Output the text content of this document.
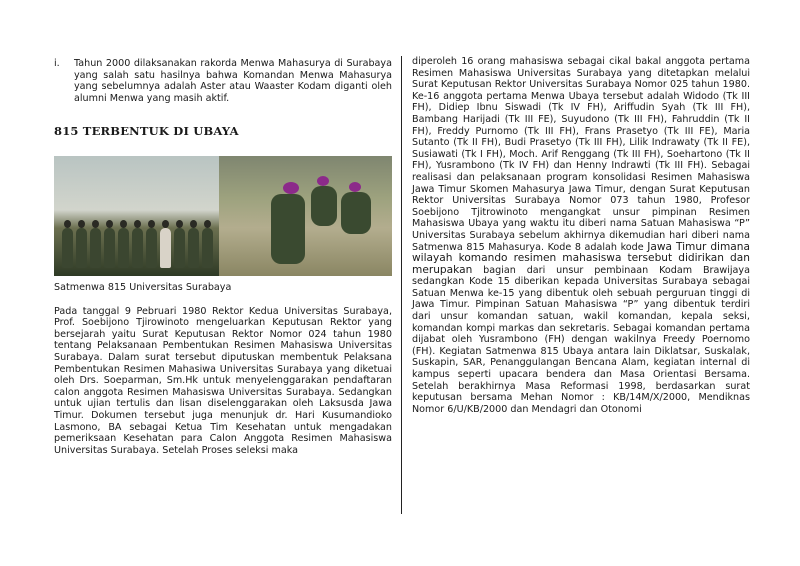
i.	Tahun 2000 dilaksanakan rakorda Menwa Mahasurya di Surabaya yang salah satu hasilnya bahwa Komandan Menwa Mahasurya yang sebelumnya adalah Aster atau Waaster Kodam diganti oleh alumni Menwa yang masih aktif.
815 TERBENTUK DI UBAYA
Satmenwa 815 Universitas Surabaya

Pada tanggal 9 Pebruari 1980 Rektor Kedua Universitas Surabaya, Prof. Soebijono Tjirowinoto mengeluarkan Keputusan Rektor yang bersejarah yaitu Surat Keputusan Rektor Nomor 024 tahun 1980 tentang Pelaksanaan Pembentukan Resimen Mahasiswa Universitas Surabaya. Dalam surat tersebut diputuskan membentuk Pelaksana Pembentukan Resimen Mahasiwa Universitas Surabaya yang diketuai oleh Drs. Soeparman, Sm.Hk untuk menyelenggarakan pendaftaran calon anggota Resimen Mahasiswa Universitas Surabaya. Sedangkan untuk ujian tertulis dan lisan diselenggarakan oleh Laksusda Jawa Timur. Dokumen tersebut juga menunjuk dr. Hari Kusumandioko Lasmono, BA sebagai Ketua Tim Kesehatan untuk mengadakan pemeriksaan Kesehatan para Calon Anggota Resimen Mahasiswa Universitas Surabaya. Setelah Proses seleksi maka

diperoleh 16 orang mahasiswa sebagai cikal bakal anggota pertama Resimen Mahasiswa Universitas Surabaya yang ditetapkan melalui Surat Keputusan Rektor Universitas Surabaya Nomor 025 tahun 1980. Ke-16 anggota pertama Menwa Ubaya tersebut adalah Widodo (Tk III FH), Didiep Ibnu Siswadi (Tk IV FH), Ariffudin Syah (Tk III FH), Bambang Harijadi (Tk III FE), Suyudono (Tk III FH), Fahruddin (Tk II FH), Freddy Purnomo (Tk III FH), Frans Prasetyo (Tk III FE), Maria Sutanto (Tk II FH), Budi Prasetyo (Tk III FH), Lilik Indrawaty (Tk II FE), Susiawati (Tk I FH), Moch. Arif Renggang (Tk III FH), Soehartono (Tk II FH), Yusrambono (Tk IV FH) dan Henny Indrawti (Tk III FH). Sebagai realisasi dan pelaksanaan program konsolidasi Resimen Mahasiswa Jawa Timur Skomen Mahasurya Jawa Timur, dengan Surat Keputusan Rektor Universitas Surabaya Nomor 073 tahun 1980, Profesor Soebijono Tjitrowinoto mengangkat unsur pimpinan Resimen Mahasiswa Ubaya yang waktu itu diberi nama Satuan Mahasiswa “P” Universitas Surabaya sebelum akhirnya dikemudian hari diberi nama Satmenwa 815 Mahasurya. Kode 8 adalah kode Jawa Timur dimana wilayah komando resimen mahasiswa tersebut didirikan dan merupakan bagian dari unsur pembinaan Kodam Brawijaya sedangkan Kode 15 diberikan kepada Universitas Surabaya sebagai Satuan Menwa ke-15 yang dibentuk oleh sebuah perguruan tinggi di Jawa Timur. Pimpinan Satuan Mahasiswa “P” yang dibentuk terdiri dari unsur komandan satuan, wakil komandan, kepala seksi, komandan kompi markas dan sekretaris. Sebagai komandan pertama dijabat oleh Yusrambono (FH) dengan wakilnya Freedy Poernomo (FH). Kegiatan Satmenwa 815 Ubaya antara lain Diklatsar, Suskalak, Suskapin, SAR, Penanggulangan Bencana Alam, kegiatan internal di kampus seperti upacara bendera dan Masa Orientasi Bersama. Setelah berakhirnya Masa Reformasi 1998, berdasarkan surat keputusan bersama Mehan Nomor : KB/14M/X/2000, Mendiknas Nomor 6/U/KB/2000 dan Mendagri dan Otonomi
